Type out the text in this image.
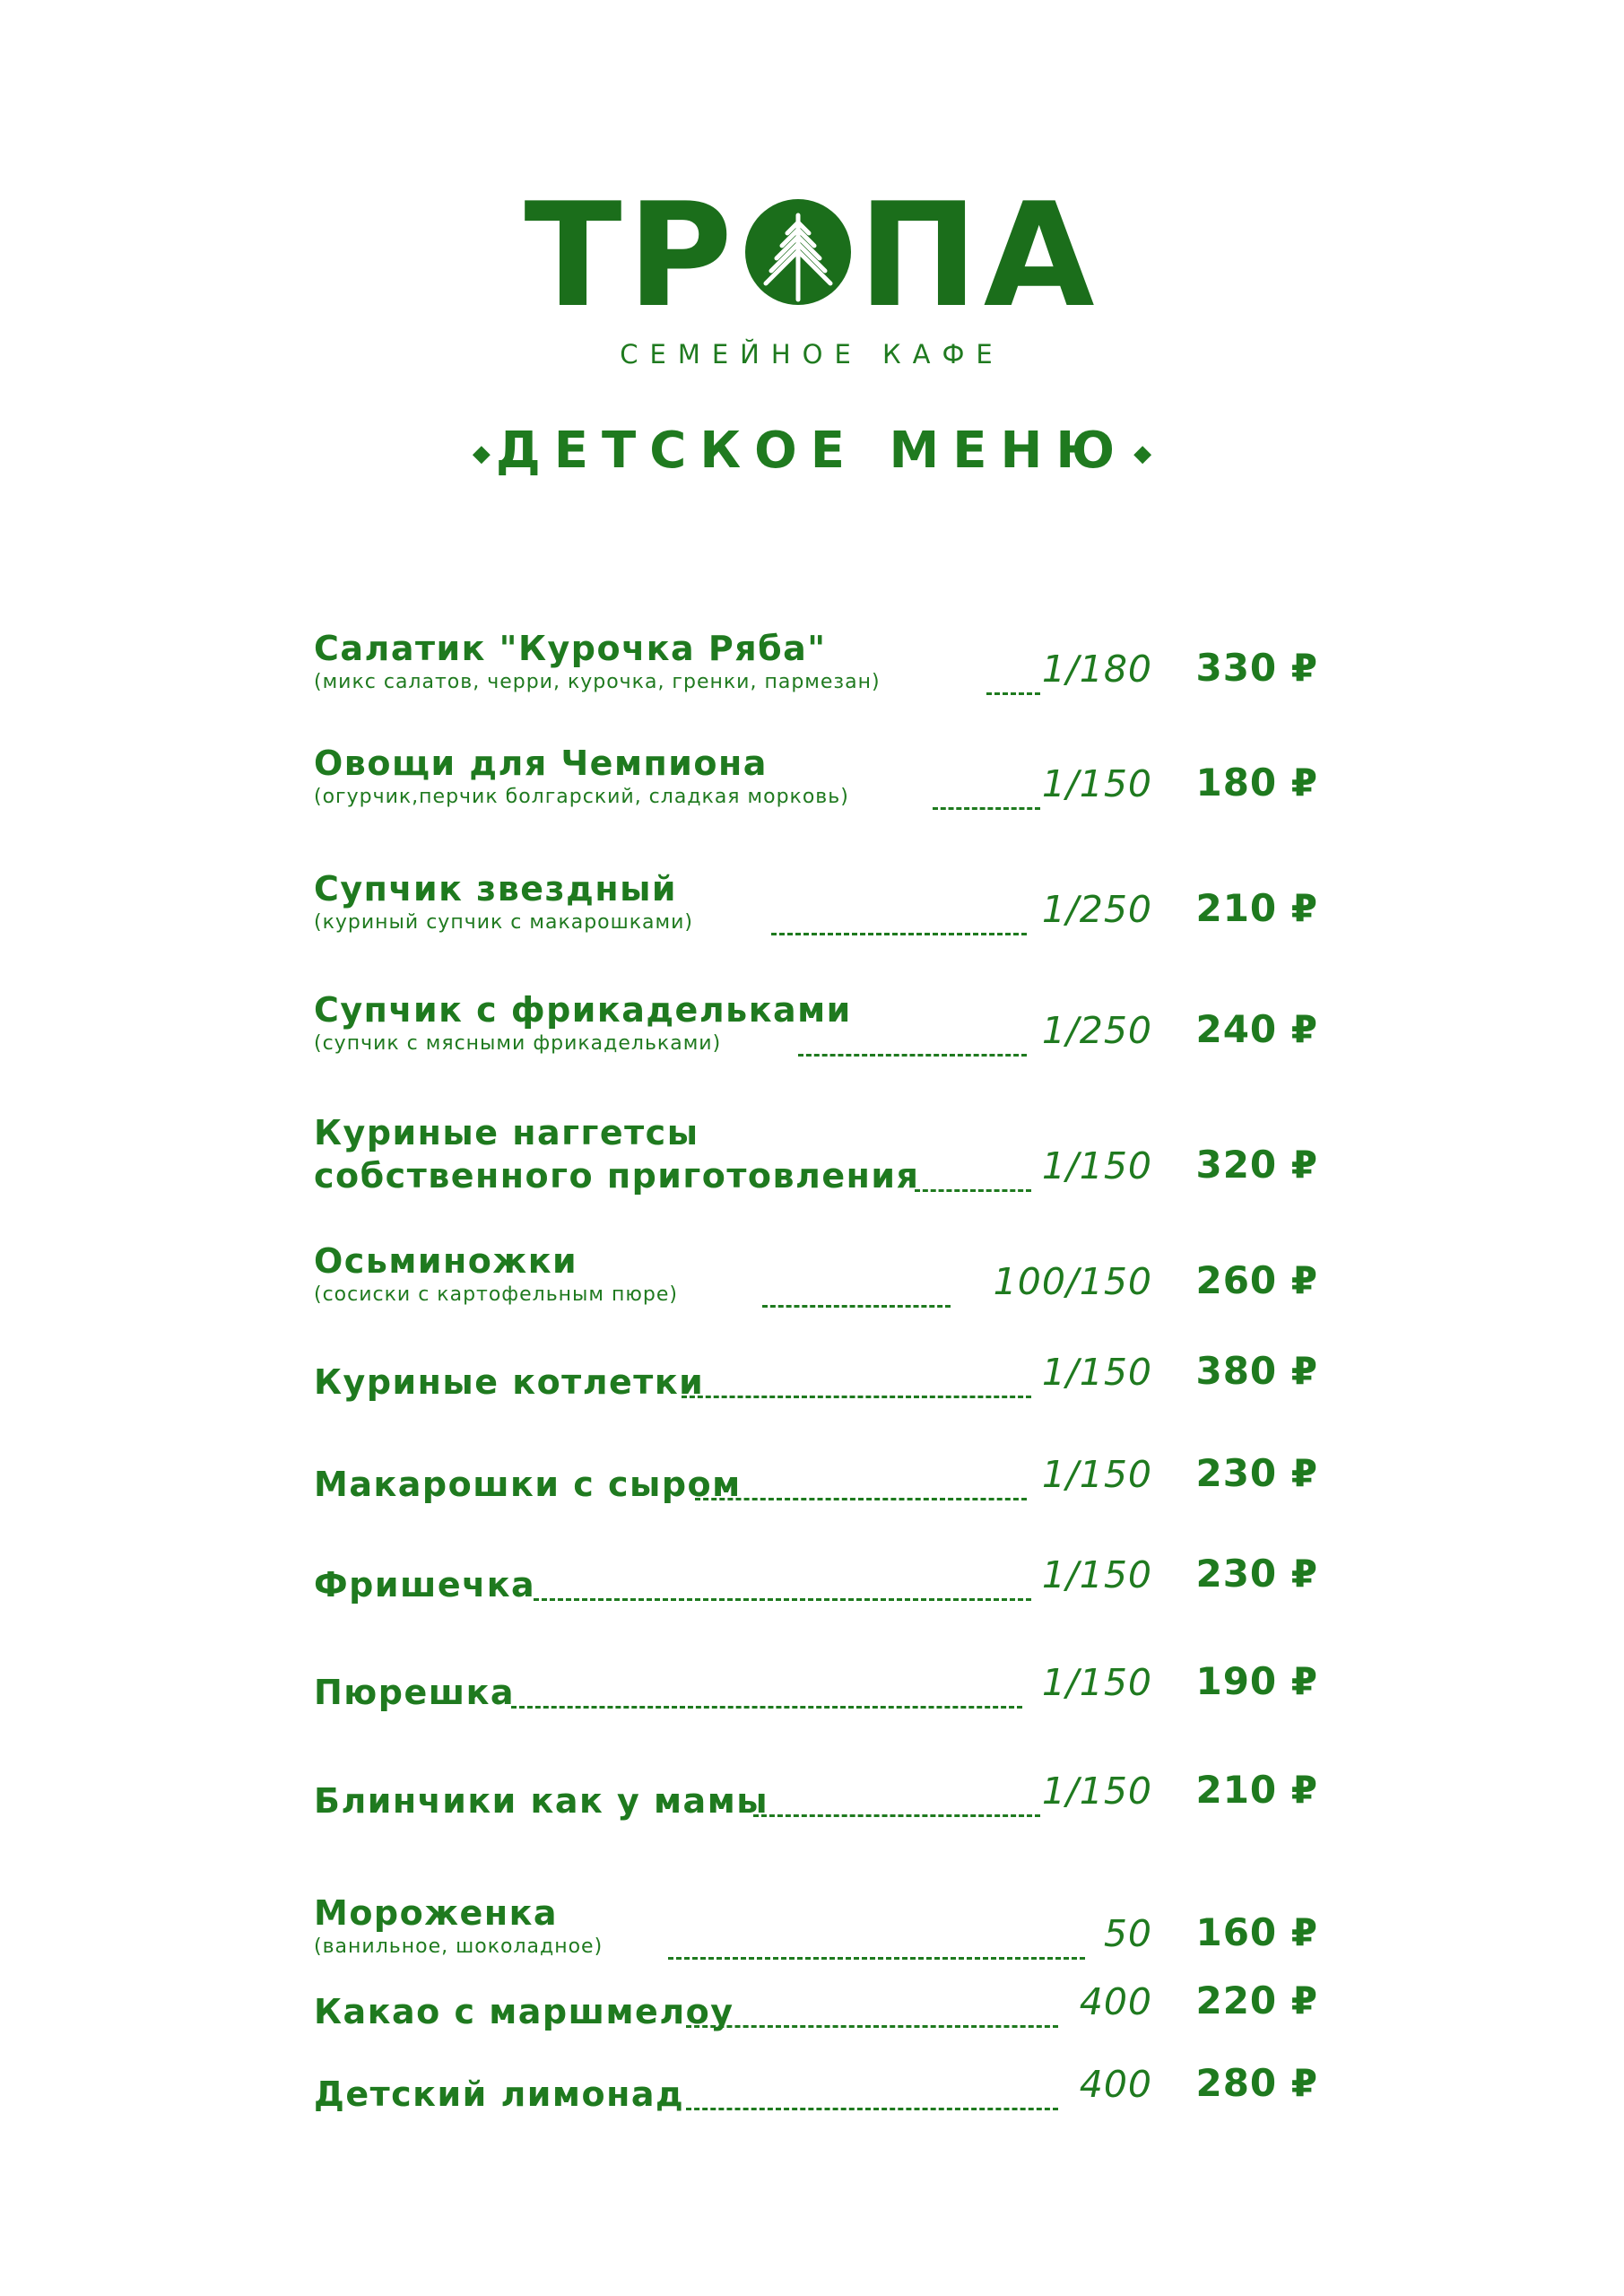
ТР ПА
СЕМЕЙНОЕ КАФЕ
◆ ДЕТСКОЕ МЕНЮ ◆
Салатик "Курочка Ряба"
(микс салатов, черри, курочка, гренки, пармезан)	1/180 330 ₽
Овощи для Чемпиона
(огурчик,перчик болгарский, сладкая морковь)	1/150 180 ₽
Супчик звездный
(куриный супчик с макарошками)	1/250 210 ₽
Супчик с фрикадельками
(супчик с мясными фрикадельками)	1/250 240 ₽
Куриные наггетсы
собственного приготовления	1/150 320 ₽
Осьминожки
(сосиски с картофельным пюре)	100/150 260 ₽
Куриные котлетки	1/150 380 ₽
Макарошки с сыром	1/150 230 ₽
Фришечка	1/150 230 ₽
Пюрешка	1/150 190 ₽
Блинчики как у мамы	1/150 210 ₽
Мороженка
(ванильное, шоколадное)	50 160 ₽
Какао с маршмелоу	400 220 ₽
Детский лимонад	400 280 ₽
